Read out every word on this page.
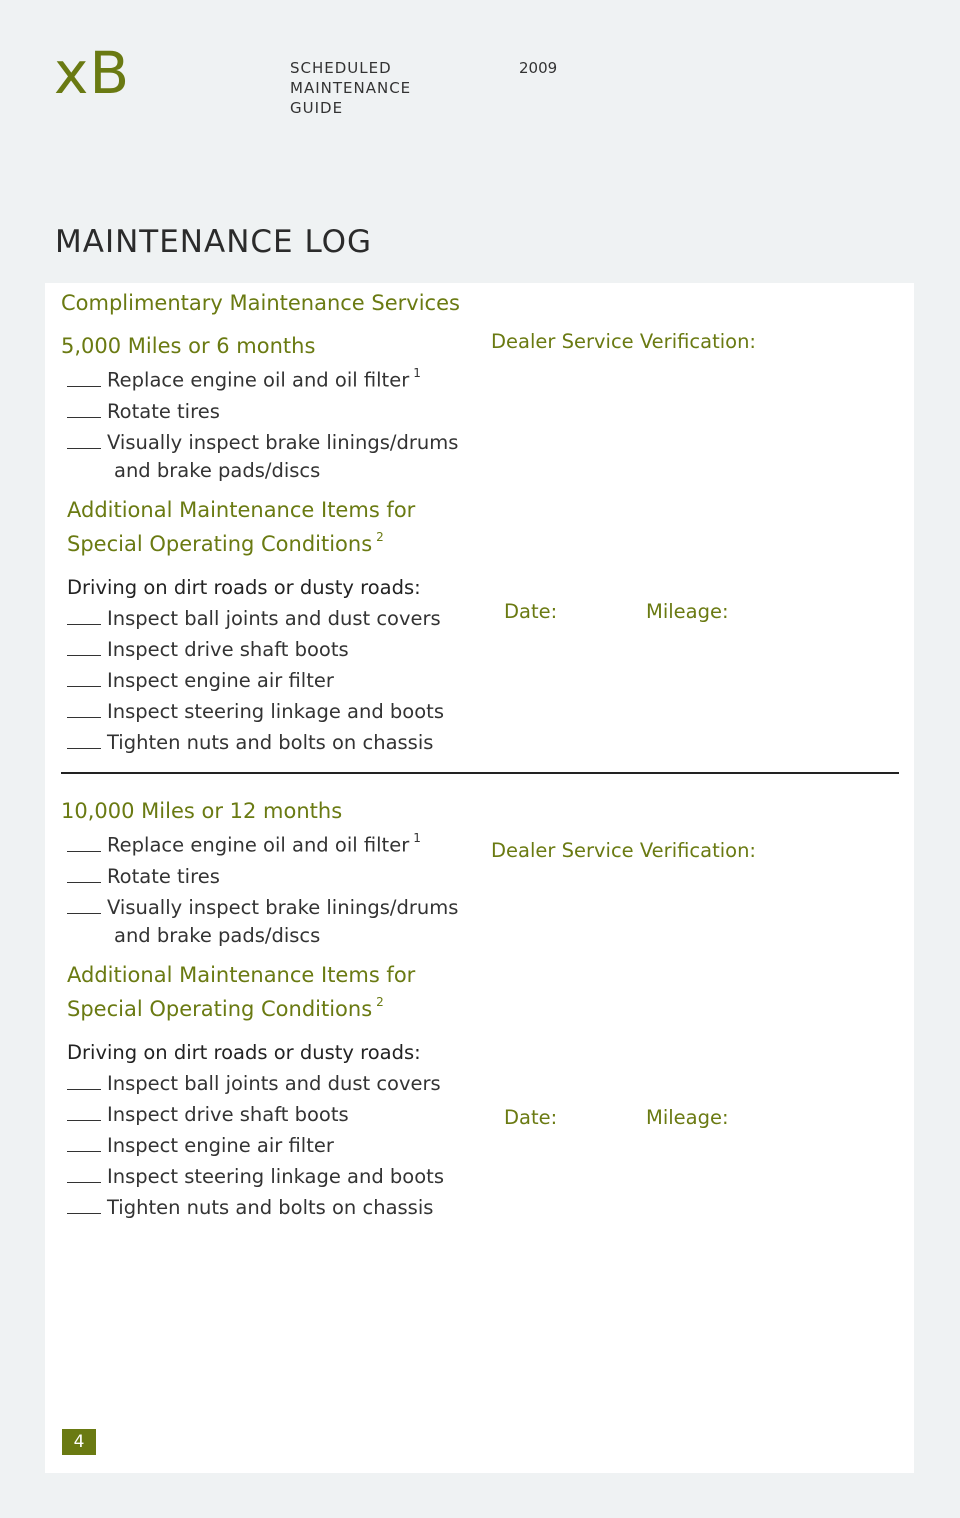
xB	SCHEDULED
MAINTENANCE
GUIDE
2009
MAINTENANCE LOG
Complimentary Maintenance Services
5,000 Miles or 6 months
Replace engine oil and oil filter $^1$
Rotate tires
Visually inspect brake linings/drums
and brake pads/discs
Additional Maintenance Items for
Special Operating Conditions $^2$
Driving on dirt roads or dusty roads:
Inspect ball joints and dust covers
Inspect drive shaft boots
Inspect engine air filter
Inspect steering linkage and boots
Tighten nuts and bolts on chassis
Dealer Service Verification:
Date:	Mileage:
10,000 Miles or 12 months
Replace engine oil and oil filter $^1$
Rotate tires
Visually inspect brake linings/drums
and brake pads/discs
Additional Maintenance Items for
Special Operating Conditions $^2$
Driving on dirt roads or dusty roads:
Inspect ball joints and dust covers
Inspect drive shaft boots
Inspect engine air filter
Inspect steering linkage and boots
Tighten nuts and bolts on chassis
Dealer Service Verification:
Date:	Mileage:
4
